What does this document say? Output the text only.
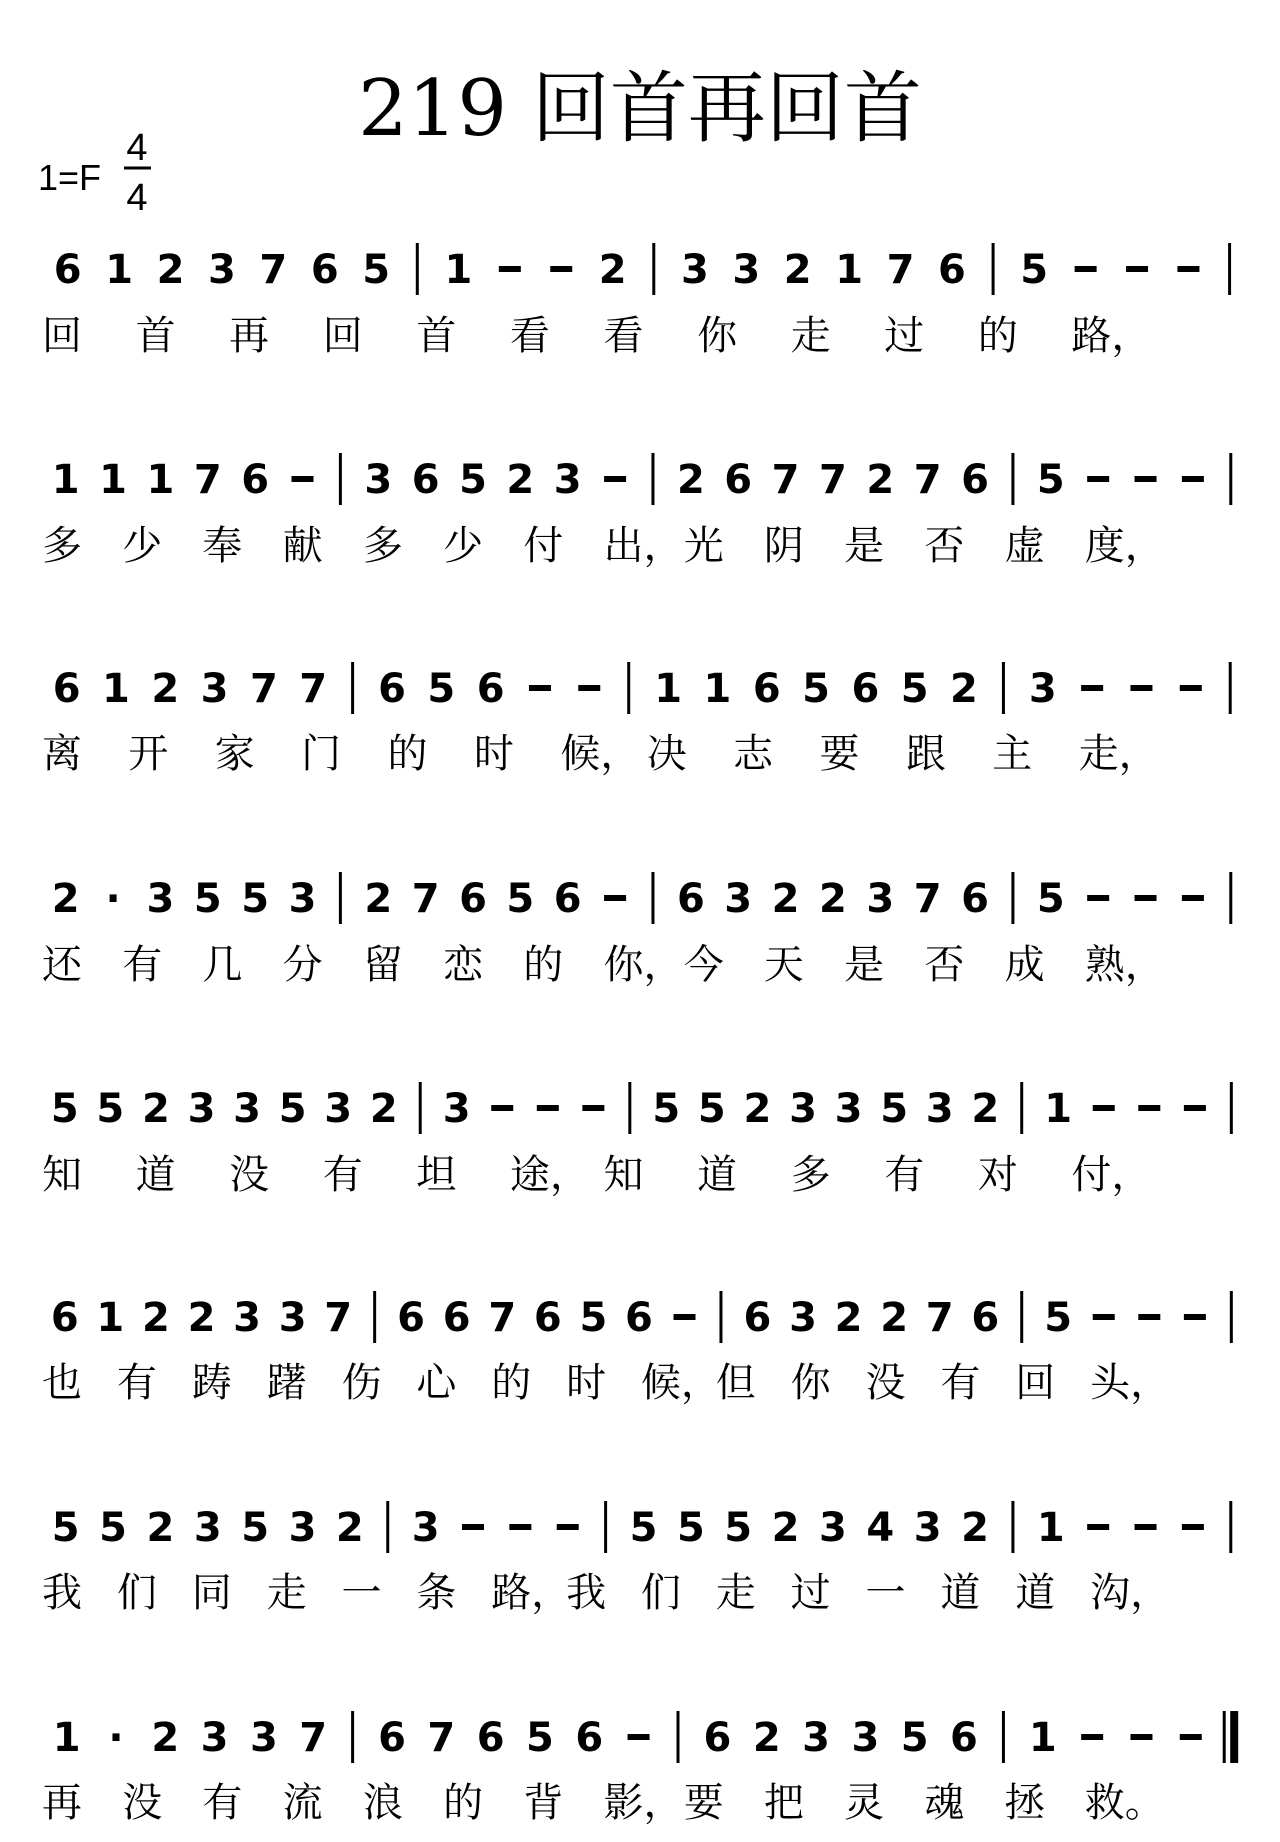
219 回首再回首
1=F
4
4
6 1 2 3 7 6 5 1	2 3 3 2 1 7 6 5
回 首 再 回 首 看 看 你 走 过 的 路，
1 1 1 7 6 3 6 5 2 3 2 6 7 7 2 7 6 5
多 少 奉 献 多 少 付 出， 光 阴 是 否 虚 度，
6 1 2 3 7 7 6 5 6	1 1 6 5 6 5 2 3
离 开 家 门 的 时 候， 决 志 要 跟 主 走，
2 · 3 5 5 3 2 7 6 5 6 6 3 2 2 3 7 6 5
还 有 几 分 留 恋 的 你， 今 天 是 否 成 熟，
5 5 2 3 3 5 3 2 3	5 5 2 3 3 5 3 2 1
知 道 没 有 坦 途， 知 道 多 有 对 付，
6 1 2 2 3 3 7 6 6 7 6 5 6 6 3 2 2 7 6 5
也 有 踌 躇 伤 心 的 时 候，
但 你 没 有 回 头，
5 5 2 3 5 3 2 3	5 5 5 2 3 4 3 2 1
我 们 同 走 一 条 路，
我 们 走 过 一 道 道 沟，
1 · 2 3 3 7 6 7 6 5 6	6 2 3 3 5 6 1
再 没 有 流 浪 的 背 影， 要 把 灵 魂 拯 救。
